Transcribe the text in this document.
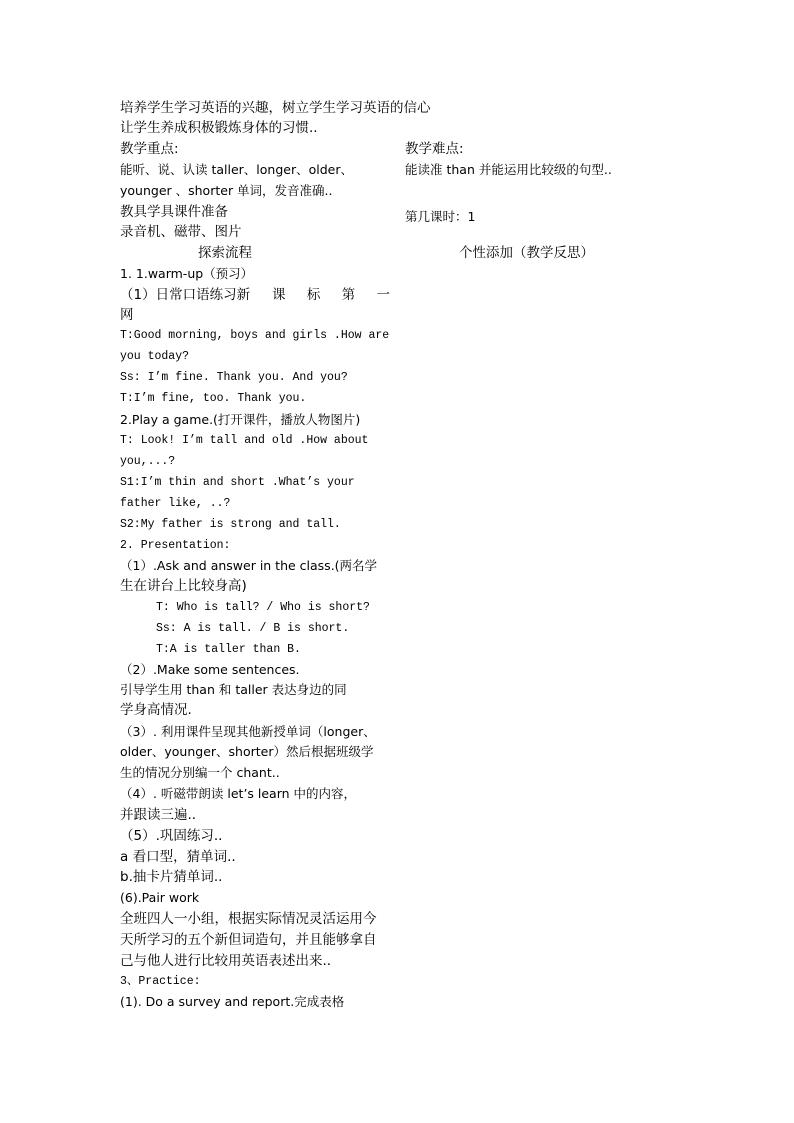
培养学生学习英语的兴趣，树立学生学习英语的信心
让学生养成积极锻炼身体的习惯..
教学重点:	教学难点:
能听、说、认读 taller、longer、older、	能读准 than 并能运用比较级的句型..
younger 、shorter 单词，发音准确..
教具学具课件准备	第几课时：1
录音机、磁带、图片
探索流程	个性添加（教学反思）
1. 1.warm-up（预习）
（1）日常口语练习新 课 标 第 一
网
T:Good morning, boys and girls .How are
you today?
Ss: I’m fine. Thank you. And you?
T:I’m fine, too. Thank you.
2.Play a game.(打开课件，播放人物图片)
T: Look! I’m tall and old .How about
you,...?
S1:I’m thin and short .What’s your
father like, ..?
S2:My father is strong and tall.
2. Presentation:
（1）.Ask and answer in the class.(两名学
生在讲台上比较身高)
T: Who is tall? / Who is short?
Ss: A is tall. / B is short.
T:A is taller than B.
（2）.Make some sentences.
引导学生用 than 和 taller 表达身边的同
学身高情况.
（3）. 利用课件呈现其他新授单词（longer、
older、younger、shorter）然后根据班级学
生的情况分别编一个 chant..
（4）. 听磁带朗读 let’s learn 中的内容，
并跟读三遍..
（5）.巩固练习..
a 看口型，猜单词..
b.抽卡片猜单词..
(6).Pair work
全班四人一小组，根据实际情况灵活运用今
天所学习的五个新但词造句，并且能够拿自
己与他人进行比较用英语表述出来..
3、Practice:
(1). Do a survey and report.完成表格
